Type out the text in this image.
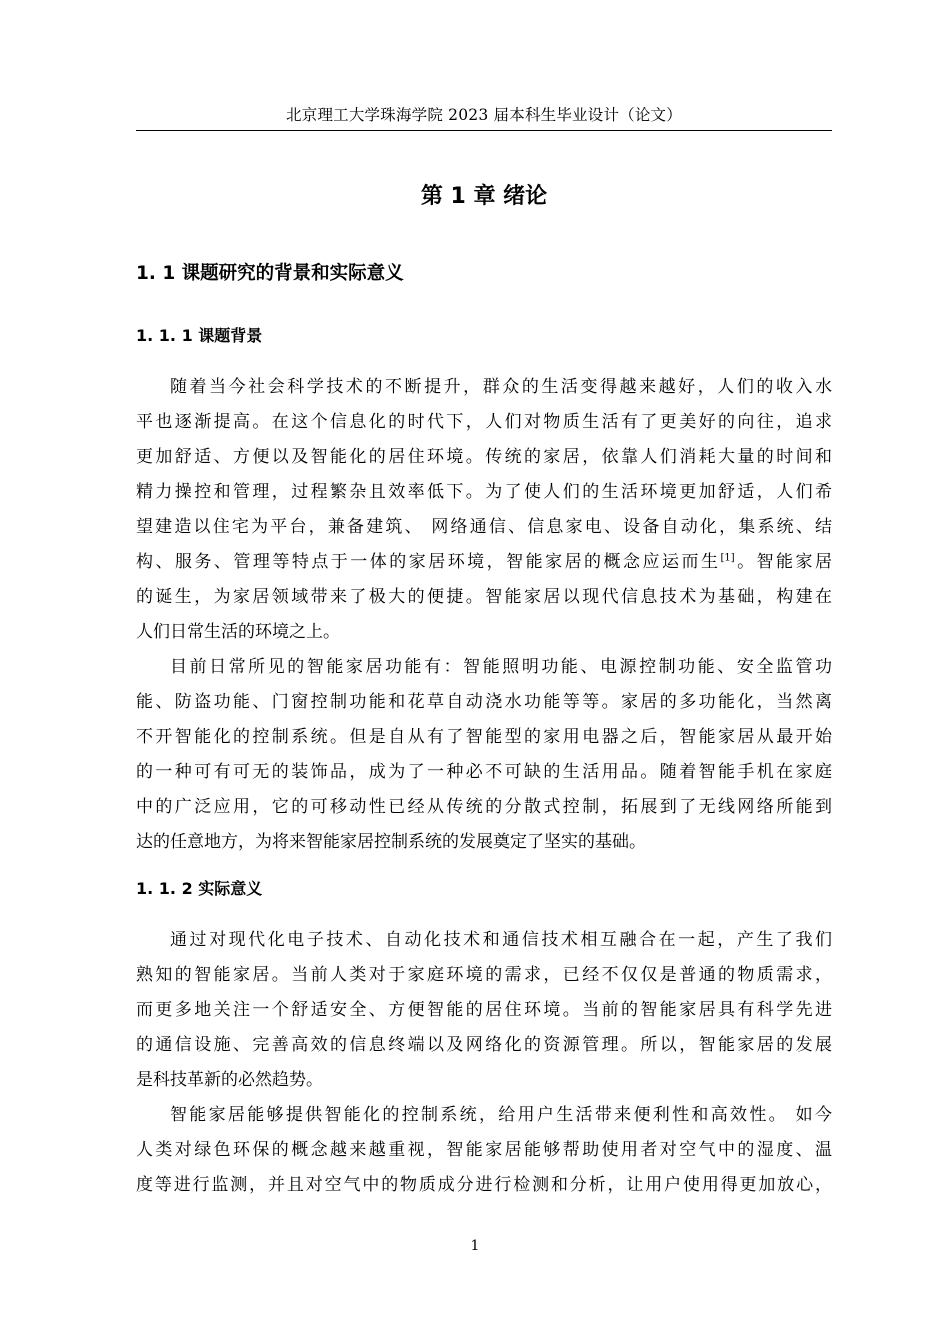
北京理工大学珠海学院 2023 届本科生毕业设计（论文）
第 1 章 绪论
1. 1 课题研究的背景和实际意义
1. 1. 1 课题背景
随着当今社会科学技术的不断提升，群众的生活变得越来越好，人们的收入水
平也逐渐提高。在这个信息化的时代下，人们对物质生活有了更美好的向往，追求
更加舒适、方便以及智能化的居住环境。传统的家居，依靠人们消耗大量的时间和
精力操控和管理，过程繁杂且效率低下。为了使人们的生活环境更加舒适，人们希
望建造以住宅为平台，兼备建筑、 网络通信、信息家电、设备自动化，集系统、结
构、服务、管理等特点于一体的家居环境，智能家居的概念应运而生[1]。智能家居
的诞生，为家居领域带来了极大的便捷。智能家居以现代信息技术为基础，构建在
人们日常生活的环境之上。
目前日常所见的智能家居功能有：智能照明功能、电源控制功能、安全监管功
能、防盗功能、门窗控制功能和花草自动浇水功能等等。家居的多功能化，当然离
不开智能化的控制系统。但是自从有了智能型的家用电器之后，智能家居从最开始
的一种可有可无的装饰品，成为了一种必不可缺的生活用品。随着智能手机在家庭
中的广泛应用，它的可移动性已经从传统的分散式控制，拓展到了无线网络所能到
达的任意地方，为将来智能家居控制系统的发展奠定了坚实的基础。
1. 1. 2 实际意义
通过对现代化电子技术、自动化技术和通信技术相互融合在一起，产生了我们
熟知的智能家居。当前人类对于家庭环境的需求，已经不仅仅是普通的物质需求，
而更多地关注一个舒适安全、方便智能的居住环境。当前的智能家居具有科学先进
的通信设施、完善高效的信息终端以及网络化的资源管理。所以，智能家居的发展
是科技革新的必然趋势。
智能家居能够提供智能化的控制系统，给用户生活带来便利性和高效性。 如今
人类对绿色环保的概念越来越重视，智能家居能够帮助使用者对空气中的湿度、温
度等进行监测，并且对空气中的物质成分进行检测和分析，让用户使用得更加放心，
1
